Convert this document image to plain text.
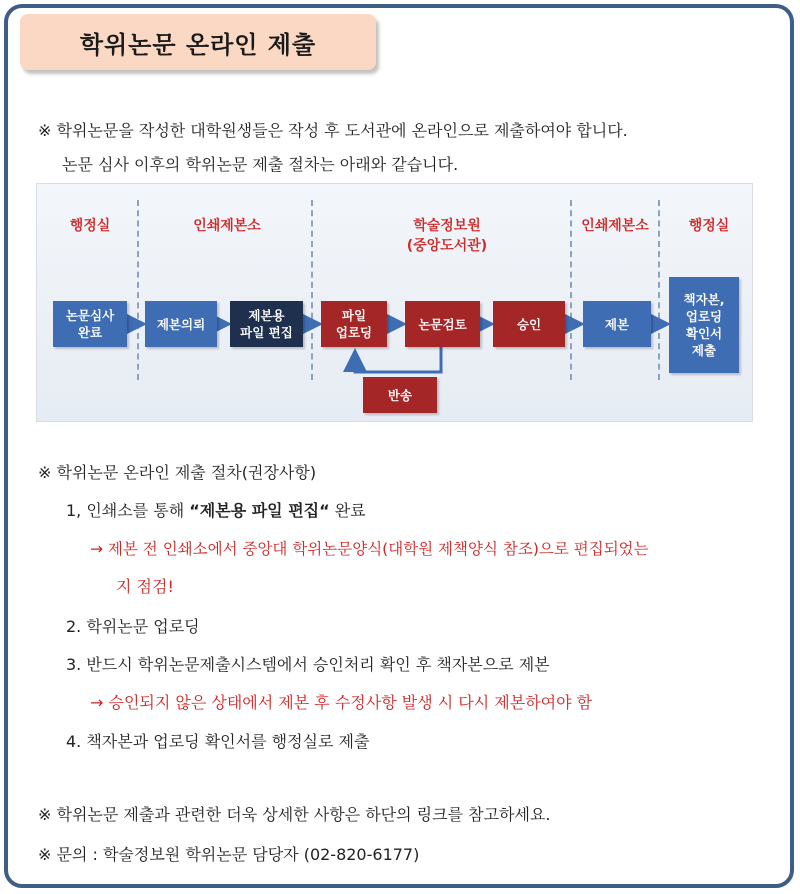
학위논문 온라인 제출
※ 학위논문을 작성한 대학원생들은 작성 후 도서관에 온라인으로 제출하여야 합니다.
논문 심사 이후의 학위논문 제출 절차는 아래와 같습니다.
행정실	인쇄제본소	학술정보원
(중앙도서관)
인쇄제본소	행정실
논문심사
완료
제본의뢰
제본용
파일 편집
파일
업로딩
논문검토	승인	제본
책자본,
업로딩
확인서
제출
반송
※ 학위논문 온라인 제출 절차(권장사항)
1, 인쇄소를 통해 “제본용 파일 편집“ 완료
→ 제본 전 인쇄소에서 중앙대 학위논문양식(대학원 제책양식 참조)으로 편집되었는
지 점검!
2. 학위논문 업로딩
3. 반드시 학위논문제출시스템에서 승인처리 확인 후 책자본으로 제본
→ 승인되지 않은 상태에서 제본 후 수정사항 발생 시 다시 제본하여야 함
4. 책자본과 업로딩 확인서를 행정실로 제출
※ 학위논문 제출과 관련한 더욱 상세한 사항은 하단의 링크를 참고하세요.
※ 문의 : 학술정보원 학위논문 담당자 (02-820-6177)
